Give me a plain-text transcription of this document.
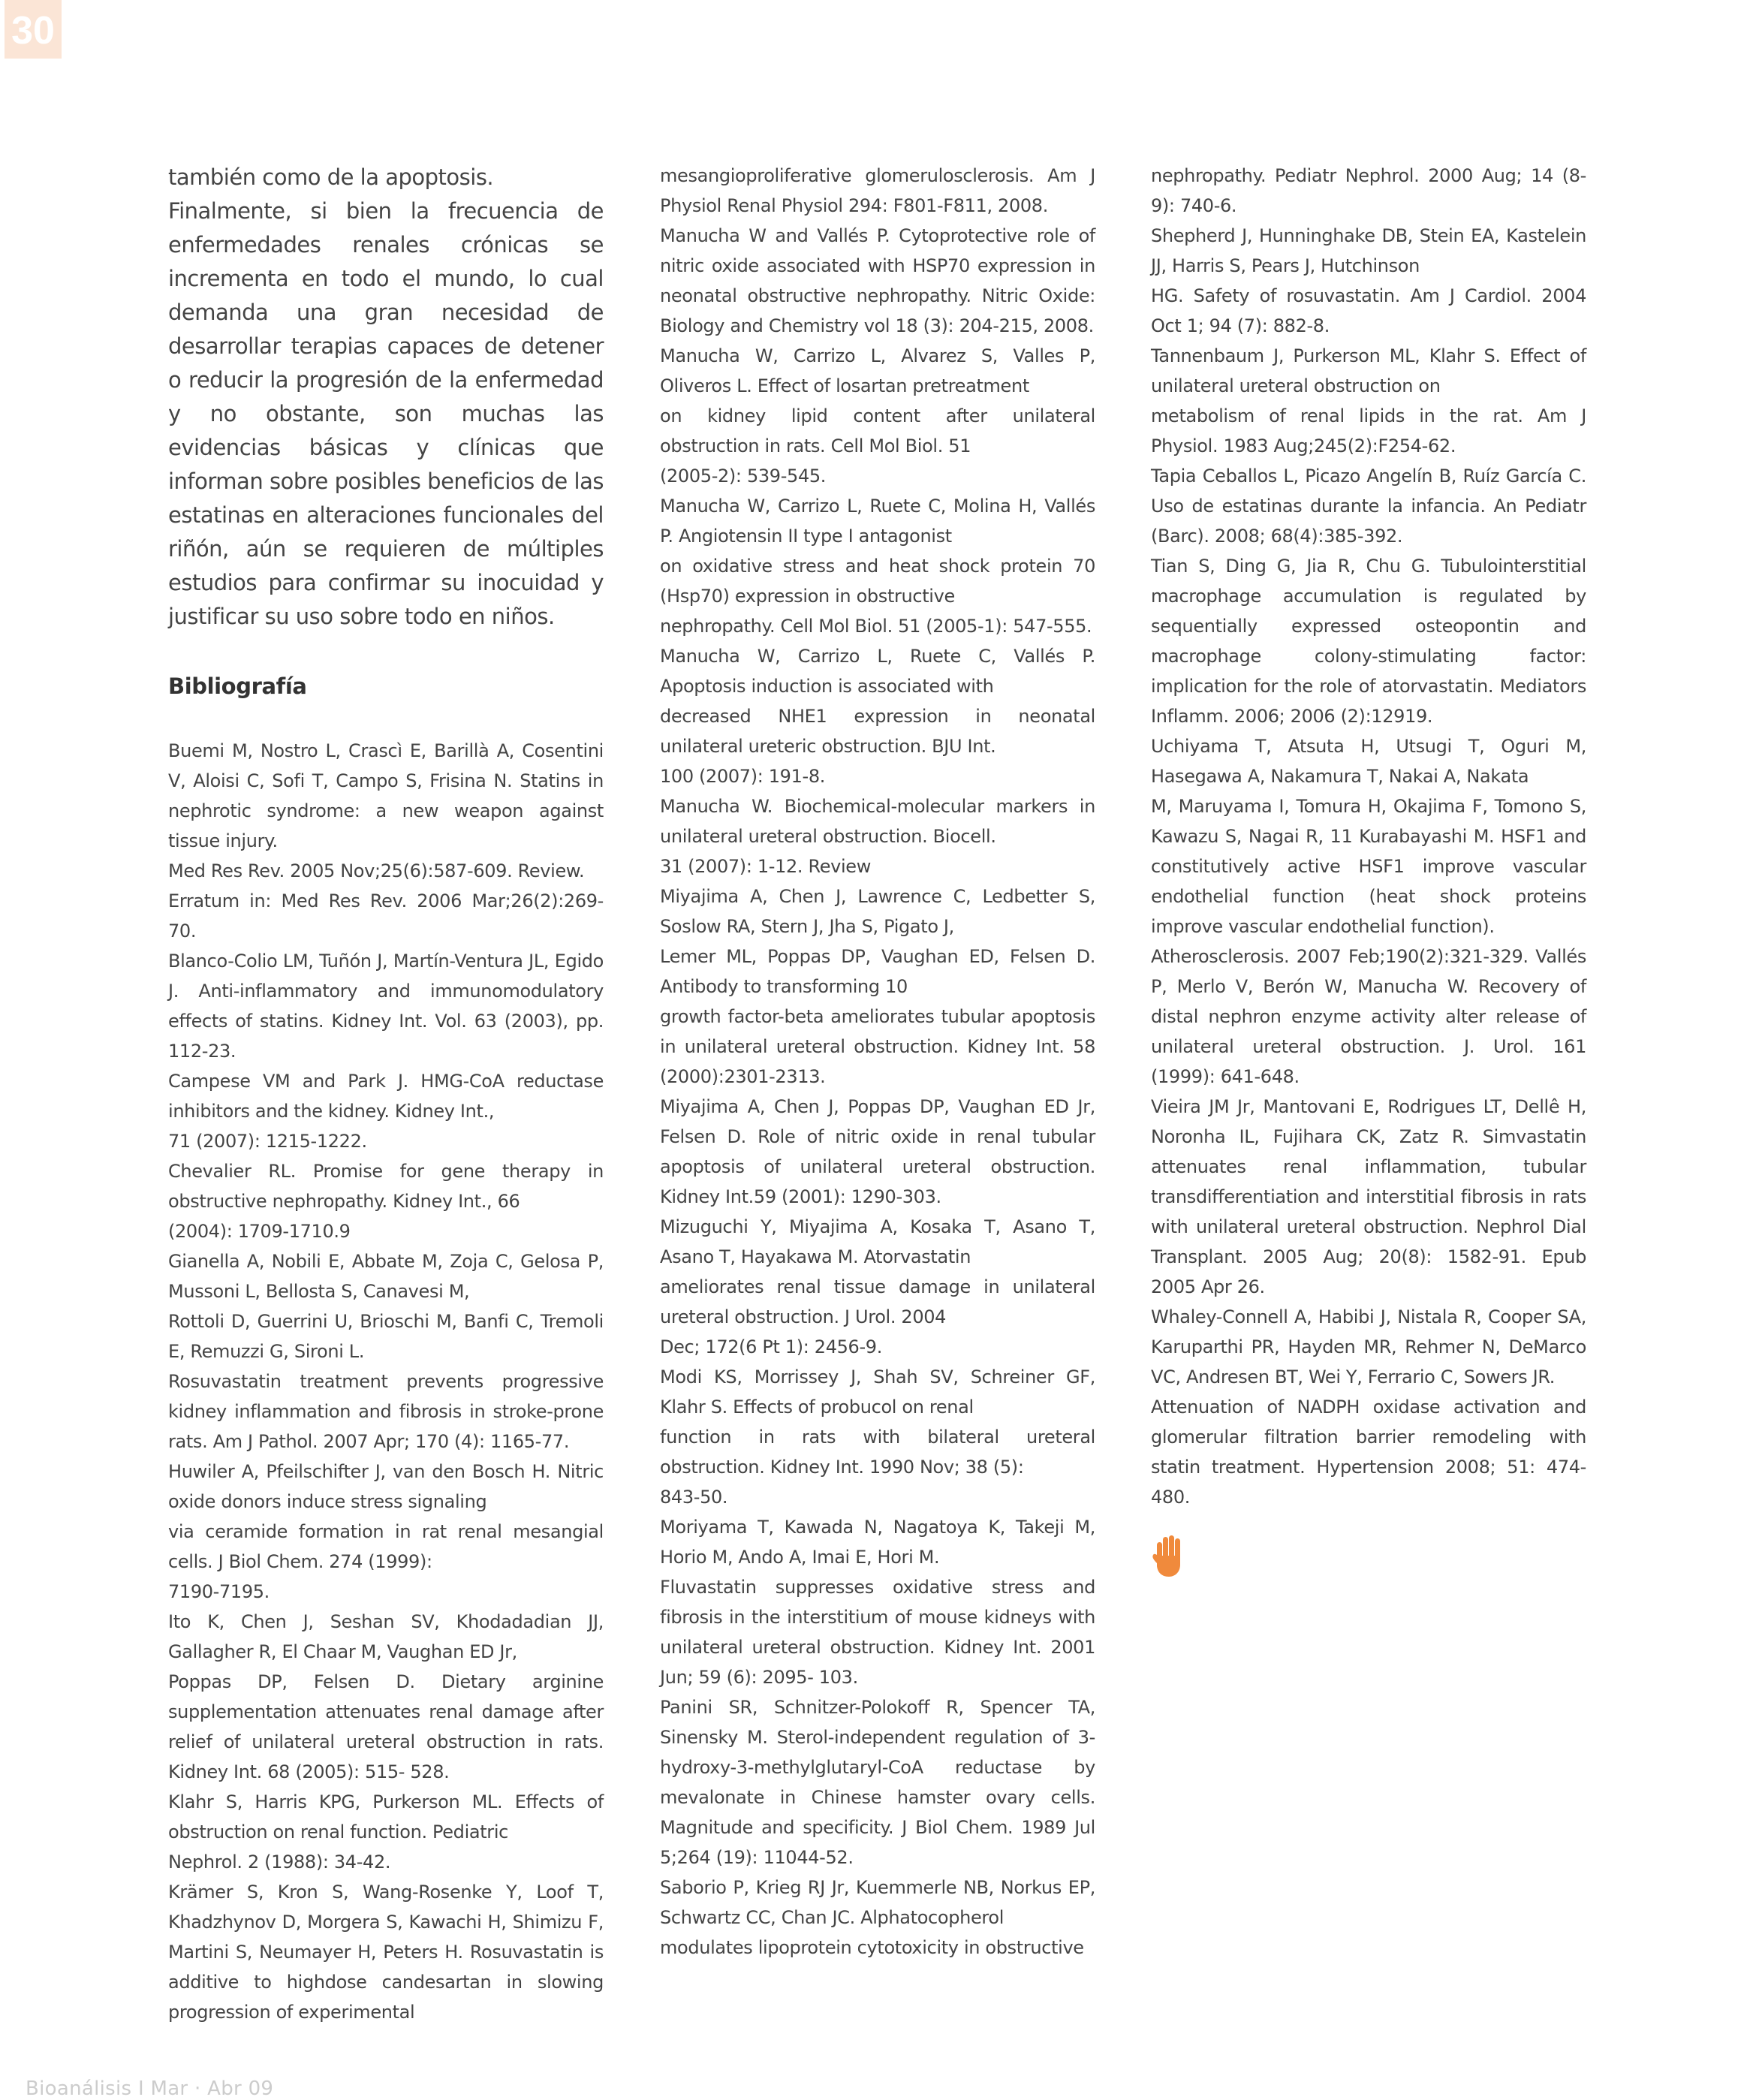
30

también como de la apoptosis.

Finalmente, si bien la frecuencia de enfermedades renales crónicas se incrementa en todo el mundo, lo cual demanda una gran necesidad de desarrollar terapias capaces de detener o reducir la progresión de la enfermedad y no obstante, son muchas las evidencias básicas y clínicas que informan sobre posibles beneficios de las estatinas en alteraciones funcionales del riñón, aún se requieren de múltiples estudios para confirmar su inocuidad y justificar su uso sobre todo en niños.

Bibliografía

Buemi M, Nostro L, Crascì E, Barillà A, Cosentini V, Aloisi C, Sofi T, Campo S, Frisina N. Statins in nephrotic syndrome: a new weapon against tissue injury.

Med Res Rev. 2005 Nov;25(6):587-609. Review.

Erratum in: Med Res Rev. 2006 Mar;26(2):269-70.

Blanco-Colio LM, Tuñón J, Martín-Ventura JL, Egido J. Anti-inflammatory and immunomodulatory effects of statins. Kidney Int. Vol. 63 (2003), pp. 112-23.

Campese VM and Park J. HMG-CoA reductase inhibitors and the kidney. Kidney Int.,

71 (2007): 1215-1222.

Chevalier RL. Promise for gene therapy in obstructive nephropathy. Kidney Int., 66

(2004): 1709-1710.9

Gianella A, Nobili E, Abbate M, Zoja C, Gelosa P, Mussoni L, Bellosta S, Canavesi M,

Rottoli D, Guerrini U, Brioschi M, Banfi C, Tremoli E, Remuzzi G, Sironi L.

Rosuvastatin treatment prevents progressive kidney inflammation and fibrosis in stroke-prone rats. Am J Pathol. 2007 Apr; 170 (4): 1165-77.

Huwiler A, Pfeilschifter J, van den Bosch H. Nitric oxide donors induce stress signaling

via ceramide formation in rat renal mesangial cells. J Biol Chem. 274 (1999):

7190-7195.

Ito K, Chen J, Seshan SV, Khodadadian JJ, Gallagher R, El Chaar M, Vaughan ED Jr,

Poppas DP, Felsen D. Dietary arginine supplementation attenuates renal damage after relief of unilateral ureteral obstruction in rats. Kidney Int. 68 (2005): 515- 528.

Klahr S, Harris KPG, Purkerson ML. Effects of obstruction on renal function. Pediatric

Nephrol. 2 (1988): 34-42.

Krämer S, Kron S, Wang-Rosenke Y, Loof T, Khadzhynov D, Morgera S, Kawachi H, Shimizu F, Martini S, Neumayer H, Peters H. Rosuvastatin is additive to highdose candesartan in slowing progression of experimental

mesangioproliferative glomerulosclerosis. Am J Physiol Renal Physiol 294: F801-F811, 2008.

Manucha W and Vallés P. Cytoprotective role of nitric oxide associated with HSP70 expression in neonatal obstructive nephropathy. Nitric Oxide: Biology and Chemistry vol 18 (3): 204-215, 2008.

Manucha W, Carrizo L, Alvarez S, Valles P, Oliveros L. Effect of losartan pretreatment

on kidney lipid content after unilateral obstruction in rats. Cell Mol Biol. 51

(2005-2): 539-545.

Manucha W, Carrizo L, Ruete C, Molina H, Vallés P. Angiotensin II type I antagonist

on oxidative stress and heat shock protein 70 (Hsp70) expression in obstructive

nephropathy. Cell Mol Biol. 51 (2005-1): 547-555.

Manucha W, Carrizo L, Ruete C, Vallés P. Apoptosis induction is associated with

decreased NHE1 expression in neonatal unilateral ureteric obstruction. BJU Int.

100 (2007): 191-8.

Manucha W. Biochemical-molecular markers in unilateral ureteral obstruction. Biocell.

31 (2007): 1-12. Review

Miyajima A, Chen J, Lawrence C, Ledbetter S, Soslow RA, Stern J, Jha S, Pigato J,

Lemer ML, Poppas DP, Vaughan ED, Felsen D. Antibody to transforming 10

growth factor-beta ameliorates tubular apoptosis in unilateral ureteral obstruction. Kidney Int. 58 (2000):2301-2313.

Miyajima A, Chen J, Poppas DP, Vaughan ED Jr, Felsen D. Role of nitric oxide in renal tubular apoptosis of unilateral ureteral obstruction. Kidney Int.59 (2001): 1290-303.

Mizuguchi Y, Miyajima A, Kosaka T, Asano T, Asano T, Hayakawa M. Atorvastatin

ameliorates renal tissue damage in unilateral ureteral obstruction. J Urol. 2004

Dec; 172(6 Pt 1): 2456-9.

Modi KS, Morrissey J, Shah SV, Schreiner GF, Klahr S. Effects of probucol on renal

function in rats with bilateral ureteral obstruction. Kidney Int. 1990 Nov; 38 (5):

843-50.

Moriyama T, Kawada N, Nagatoya K, Takeji M, Horio M, Ando A, Imai E, Hori M.

Fluvastatin suppresses oxidative stress and fibrosis in the interstitium of mouse kidneys with unilateral ureteral obstruction. Kidney Int. 2001 Jun; 59 (6): 2095- 103.

Panini SR, Schnitzer-Polokoff R, Spencer TA, Sinensky M. Sterol-independent regulation of 3-hydroxy-3-methylglutaryl-CoA reductase by mevalonate in Chinese hamster ovary cells. Magnitude and specificity. J Biol Chem. 1989 Jul 5;264 (19): 11044-52.

Saborio P, Krieg RJ Jr, Kuemmerle NB, Norkus EP, Schwartz CC, Chan JC. Alphatocopherol

modulates lipoprotein cytotoxicity in obstructive

nephropathy. Pediatr Nephrol. 2000 Aug; 14 (8-9): 740-6.

Shepherd J, Hunninghake DB, Stein EA, Kastelein JJ, Harris S, Pears J, Hutchinson

HG. Safety of rosuvastatin. Am J Cardiol. 2004 Oct 1; 94 (7): 882-8.

Tannenbaum J, Purkerson ML, Klahr S. Effect of unilateral ureteral obstruction on

metabolism of renal lipids in the rat. Am J Physiol. 1983 Aug;245(2):F254-62.

Tapia Ceballos L, Picazo Angelín B, Ruíz García C. Uso de estatinas durante la infancia. An Pediatr (Barc). 2008; 68(4):385-392.

Tian S, Ding G, Jia R, Chu G. Tubulointerstitial macrophage accumulation is regulated by sequentially expressed osteopontin and macrophage colony-stimulating factor: implication for the role of atorvastatin. Mediators Inflamm. 2006; 2006 (2):12919.

Uchiyama T, Atsuta H, Utsugi T, Oguri M, Hasegawa A, Nakamura T, Nakai A, Nakata

M, Maruyama I, Tomura H, Okajima F, Tomono S, Kawazu S, Nagai R, 11 Kurabayashi M. HSF1 and constitutively active HSF1 improve vascular endothelial function (heat shock proteins improve vascular endothelial function).

Atherosclerosis. 2007 Feb;190(2):321-329. Vallés P, Merlo V, Berón W, Manucha W. Recovery of distal nephron enzyme activity alter release of unilateral ureteral obstruction. J. Urol. 161 (1999): 641-648.

Vieira JM Jr, Mantovani E, Rodrigues LT, Dellê H, Noronha IL, Fujihara CK, Zatz R. Simvastatin attenuates renal inflammation, tubular transdifferentiation and interstitial fibrosis in rats with unilateral ureteral obstruction. Nephrol Dial Transplant. 2005 Aug; 20(8): 1582-91. Epub 2005 Apr 26.

Whaley-Connell A, Habibi J, Nistala R, Cooper SA, Karuparthi PR, Hayden MR, Rehmer N, DeMarco VC, Andresen BT, Wei Y, Ferrario C, Sowers JR.

Attenuation of NADPH oxidase activation and glomerular filtration barrier remodeling with statin treatment. Hypertension 2008; 51: 474-480.

Bioanálisis I Mar · Abr 09
